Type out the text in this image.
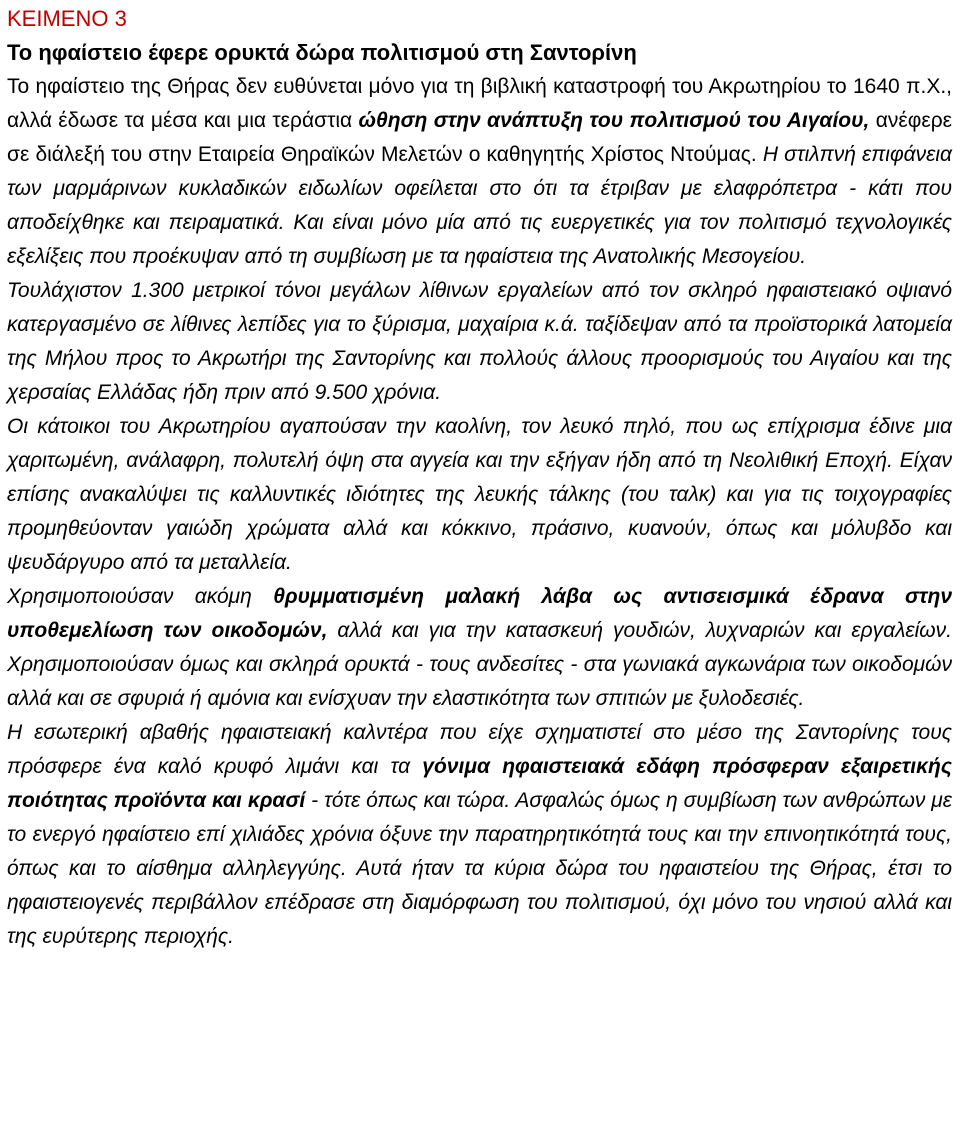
ΚΕΙΜΕΝΟ 3
Το ηφαίστειο έφερε ορυκτά δώρα πολιτισμού στη Σαντορίνη

Το ηφαίστειο της Θήρας δεν ευθύνεται μόνο για τη βιβλική καταστροφή του Ακρωτηρίου το 1640 π.Χ., αλλά έδωσε τα μέσα και μια τεράστια ώθηση στην ανάπτυξη του πολιτισμού του Αιγαίου, ανέφερε σε διάλεξή του στην Εταιρεία Θηραϊκών Μελετών ο καθηγητής Χρίστος Ντούμας. Η στιλπνή επιφάνεια των μαρμάρινων κυκλαδικών ειδωλίων οφείλεται στο ότι τα έτριβαν με ελαφρόπετρα - κάτι που αποδείχθηκε και πειραματικά. Και είναι μόνο μία από τις ευεργετικές για τον πολιτισμό τεχνολογικές εξελίξεις που προέκυψαν από τη συμβίωση με τα ηφαίστεια της Ανατολικής Μεσογείου.

Τουλάχιστον 1.300 μετρικοί τόνοι μεγάλων λίθινων εργαλείων από τον σκληρό ηφαιστειακό οψιανό κατεργασμένο σε λίθινες λεπίδες για το ξύρισμα, μαχαίρια κ.ά. ταξίδεψαν από τα προϊστορικά λατομεία της Μήλου προς το Ακρωτήρι της Σαντορίνης και πολλούς άλλους προορισμούς του Αιγαίου και της χερσαίας Ελλάδας ήδη πριν από 9.500 χρόνια.

Οι κάτοικοι του Ακρωτηρίου αγαπούσαν την καολίνη, τον λευκό πηλό, που ως επίχρισμα έδινε μια χαριτωμένη, ανάλαφρη, πολυτελή όψη στα αγγεία και την εξήγαν ήδη από τη Νεολιθική Εποχή. Είχαν επίσης ανακαλύψει τις καλλυντικές ιδιότητες της λευκής τάλκης (του ταλκ) και για τις τοιχογραφίες προμηθεύονταν γαιώδη χρώματα αλλά και κόκκινο, πράσινο, κυανούν, όπως και μόλυβδο και ψευδάργυρο από τα μεταλλεία.

Χρησιμοποιούσαν ακόμη θρυμματισμένη μαλακή λάβα ως αντισεισμικά έδρανα στην υποθεμελίωση των οικοδομών, αλλά και για την κατασκευή γουδιών, λυχναριών και εργαλείων. Χρησιμοποιούσαν όμως και σκληρά ορυκτά - τους ανδεσίτες - στα γωνιακά αγκωνάρια των οικοδομών αλλά και σε σφυριά ή αμόνια και ενίσχυαν την ελαστικότητα των σπιτιών με ξυλοδεσιές.

Η εσωτερική αβαθής ηφαιστειακή καλντέρα που είχε σχηματιστεί στο μέσο της Σαντορίνης τους πρόσφερε ένα καλό κρυφό λιμάνι και τα γόνιμα ηφαιστειακά εδάφη πρόσφεραν εξαιρετικής ποιότητας προϊόντα και κρασί - τότε όπως και τώρα. Ασφαλώς όμως η συμβίωση των ανθρώπων με το ενεργό ηφαίστειο επί χιλιάδες χρόνια όξυνε την παρατηρητικότητά τους και την επινοητικότητά τους, όπως και το αίσθημα αλληλεγγύης. Αυτά ήταν τα κύρια δώρα του ηφαιστείου της Θήρας, έτσι το ηφαιστειογενές περιβάλλον επέδρασε στη διαμόρφωση του πολιτισμού, όχι μόνο του νησιού αλλά και της ευρύτερης περιοχής.
